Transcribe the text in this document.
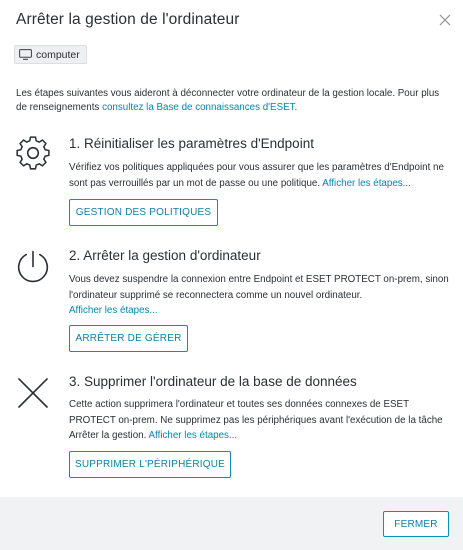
Arrêter la gestion de l'ordinateur
computer
Les étapes suivantes vous aideront à déconnecter votre ordinateur de la gestion locale. Pour plus de renseignements consultez la Base de connaissances d'ESET.
1. Réinitialiser les paramètres d'Endpoint
Vérifiez vos politiques appliquées pour vous assurer que les paramètres d'Endpoint ne sont pas verrouillés par un mot de passe ou une politique. Afficher les étapes...
GESTION DES POLITIQUES
2. Arrêter la gestion d'ordinateur
Vous devez suspendre la connexion entre Endpoint et ESET PROTECT on-prem, sinon l'ordinateur supprimé se reconnectera comme un nouvel ordinateur.
Afficher les étapes...
ARRÊTER DE GÉRER
3. Supprimer l'ordinateur de la base de données
Cette action supprimera l'ordinateur et toutes ses données connexes de ESET PROTECT on-prem. Ne supprimez pas les périphériques avant l'exécution de la tâche Arrêter la gestion. Afficher les étapes...
SUPPRIMER L'PÉRIPHÉRIQUE
FERMER
